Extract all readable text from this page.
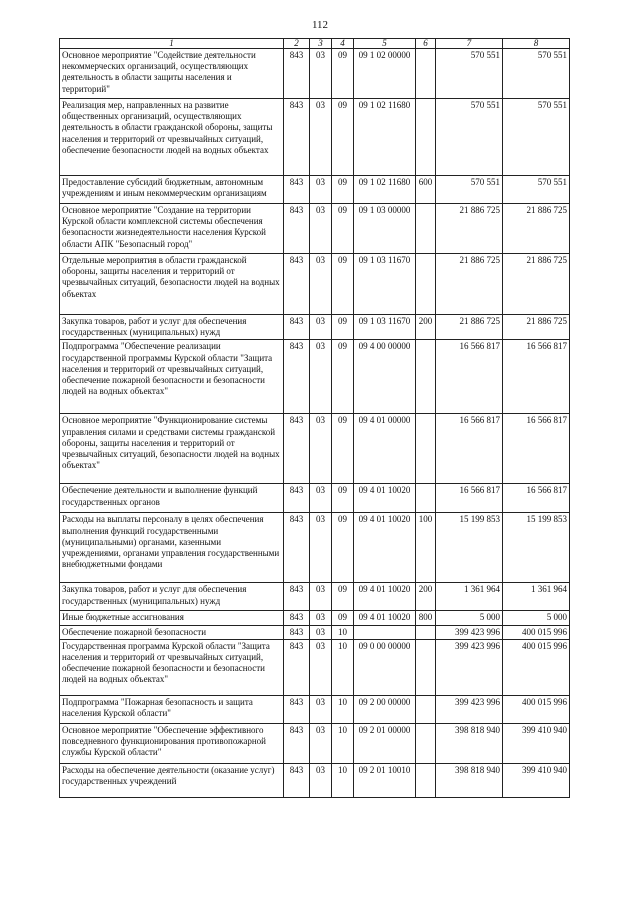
112
1	2	3	4	5	6	7	8
Основное мероприятие "Содействие деятельности некоммерческих организаций, осуществляющих деятельность в области защиты населения и территорий"	843	03	09	09 1 02 00000		570 551	570 551
Реализация мер, направленных на развитие общественных организаций, осуществляющих деятельность в области гражданской обороны, защиты населения и территорий от чрезвычайных ситуаций, обеспечение безопасности людей на водных объектах	843	03	09	09 1 02 11680		570 551	570 551
Предоставление субсидий бюджетным, автономным учреждениям и иным некоммерческим организациям	843	03	09	09 1 02 11680	600	570 551	570 551
Основное мероприятие "Создание на территории Курской области комплексной системы обеспечения безопасности жизнедеятельности населения Курской области АПК "Безопасный город"	843	03	09	09 1 03 00000		21 886 725	21 886 725
Отдельные мероприятия в области гражданской обороны, защиты населения и территорий от чрезвычайных ситуаций, безопасности людей на водных объектах	843	03	09	09 1 03 11670		21 886 725	21 886 725
Закупка товаров, работ и услуг для обеспечения государственных (муниципальных) нужд	843	03	09	09 1 03 11670	200	21 886 725	21 886 725
Подпрограмма "Обеспечение реализации государственной программы Курской области "Защита населения и территорий от чрезвычайных ситуаций, обеспечение пожарной безопасности и безопасности людей на водных объектах"	843	03	09	09 4 00 00000		16 566 817	16 566 817
Основное мероприятие "Функционирование системы управления силами и средствами системы гражданской обороны, защиты населения и территорий от чрезвычайных ситуаций, безопасности людей на водных объектах"	843	03	09	09 4 01 00000		16 566 817	16 566 817
Обеспечение деятельности и выполнение функций государственных органов	843	03	09	09 4 01 10020		16 566 817	16 566 817
Расходы на выплаты персоналу в целях обеспечения выполнения функций государственными (муниципальными) органами, казенными учреждениями, органами управления государственными внебюджетными фондами	843	03	09	09 4 01 10020	100	15 199 853	15 199 853
Закупка товаров, работ и услуг для обеспечения государственных (муниципальных) нужд	843	03	09	09 4 01 10020	200	1 361 964	1 361 964
Иные бюджетные ассигнования	843	03	09	09 4 01 10020	800	5 000	5 000
Обеспечение пожарной безопасности	843	03	10			399 423 996	400 015 996
Государственная программа Курской области "Защита населения и территорий от чрезвычайных ситуаций, обеспечение пожарной безопасности и безопасности людей на водных объектах"	843	03	10	09 0 00 00000		399 423 996	400 015 996
Подпрограмма "Пожарная безопасность и защита населения Курской области"	843	03	10	09 2 00 00000		399 423 996	400 015 996
Основное мероприятие "Обеспечение эффективного повседневного функционирования противопожарной службы Курской области"	843	03	10	09 2 01 00000		398 818 940	399 410 940
Расходы на обеспечение деятельности (оказание услуг) государственных учреждений	843	03	10	09 2 01 10010		398 818 940	399 410 940
